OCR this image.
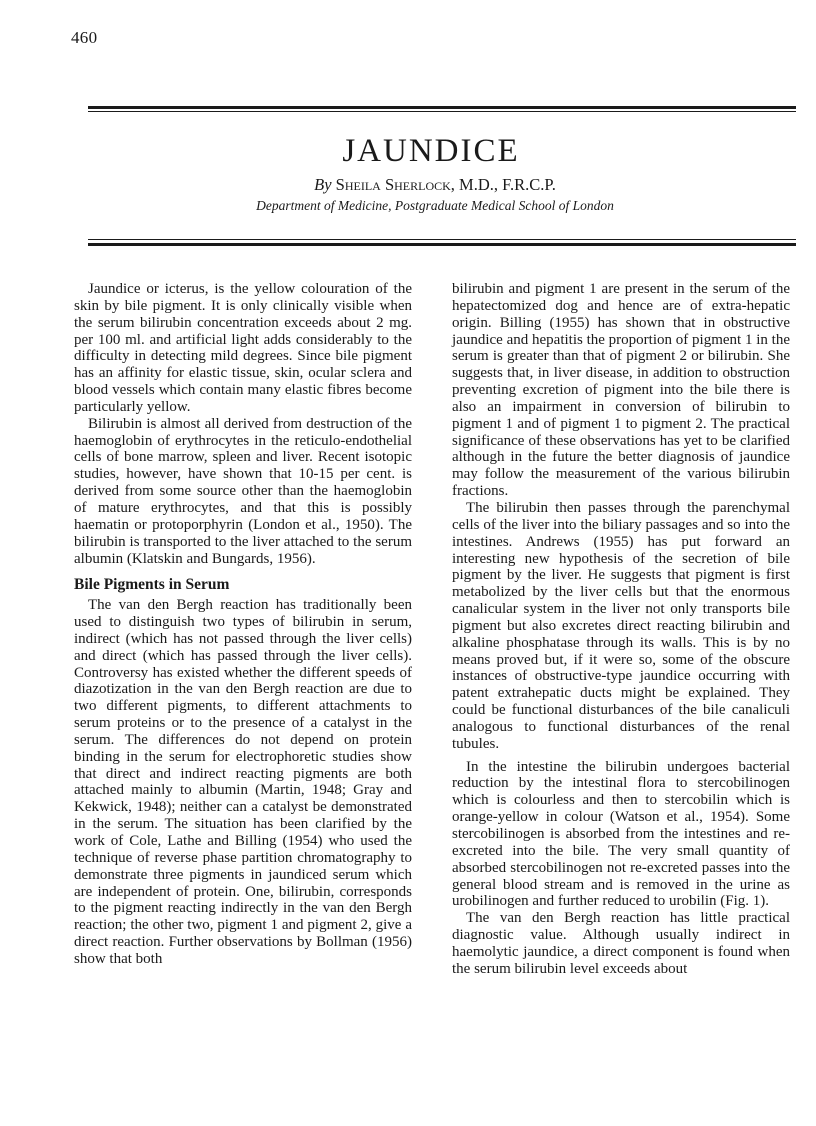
460
JAUNDICE
By Sheila Sherlock, M.D., F.R.C.P.
Department of Medicine, Postgraduate Medical School of London

Jaundice or icterus, is the yellow colouration of the skin by bile pigment. It is only clinically visible when the serum bilirubin concentration exceeds about 2 mg. per 100 ml. and artificial light adds considerably to the difficulty in detecting mild degrees. Since bile pigment has an affinity for elastic tissue, skin, ocular sclera and blood vessels which contain many elastic fibres become particularly yellow.

Bilirubin is almost all derived from destruction of the haemoglobin of erythrocytes in the reticulo-endothelial cells of bone marrow, spleen and liver. Recent isotopic studies, however, have shown that 10-15 per cent. is derived from some source other than the haemoglobin of mature erythrocytes, and that this is possibly haematin or protoporphyrin (London et al., 1950). The bilirubin is transported to the liver attached to the serum albumin (Klatskin and Bungards, 1956).

Bile Pigments in Serum

The van den Bergh reaction has traditionally been used to distinguish two types of bilirubin in serum, indirect (which has not passed through the liver cells) and direct (which has passed through the liver cells). Controversy has existed whether the different speeds of diazotization in the van den Bergh reaction are due to two different pigments, to different attachments to serum proteins or to the presence of a catalyst in the serum. The differences do not depend on protein binding in the serum for electrophoretic studies show that direct and indirect reacting pigments are both attached mainly to albumin (Martin, 1948; Gray and Kekwick, 1948); neither can a catalyst be demonstrated in the serum. The situation has been clarified by the work of Cole, Lathe and Billing (1954) who used the technique of reverse phase partition chromatography to demonstrate three pigments in jaundiced serum which are independent of protein. One, bilirubin, corresponds to the pigment reacting indirectly in the van den Bergh reaction; the other two, pigment 1 and pigment 2, give a direct reaction. Further observations by Bollman (1956) show that both

bilirubin and pigment 1 are present in the serum of the hepatectomized dog and hence are of extra-hepatic origin. Billing (1955) has shown that in obstructive jaundice and hepatitis the proportion of pigment 1 in the serum is greater than that of pigment 2 or bilirubin. She suggests that, in liver disease, in addition to obstruction preventing excretion of pigment into the bile there is also an impairment in conversion of bilirubin to pigment 1 and of pigment 1 to pigment 2. The practical significance of these observations has yet to be clarified although in the future the better diagnosis of jaundice may follow the measurement of the various bilirubin fractions.

The bilirubin then passes through the parenchymal cells of the liver into the biliary passages and so into the intestines. Andrews (1955) has put forward an interesting new hypothesis of the secretion of bile pigment by the liver. He suggests that pigment is first metabolized by the liver cells but that the enormous canalicular system in the liver not only transports bile pigment but also excretes direct reacting bilirubin and alkaline phosphatase through its walls. This is by no means proved but, if it were so, some of the obscure instances of obstructive-type jaundice occurring with patent extrahepatic ducts might be explained. They could be functional disturbances of the bile canaliculi analogous to functional disturbances of the renal tubules.

In the intestine the bilirubin undergoes bacterial reduction by the intestinal flora to stercobilinogen which is colourless and then to stercobilin which is orange-yellow in colour (Watson et al., 1954). Some stercobilinogen is absorbed from the intestines and re-excreted into the bile. The very small quantity of absorbed stercobilinogen not re-excreted passes into the general blood stream and is removed in the urine as urobilinogen and further reduced to urobilin (Fig. 1).

The van den Bergh reaction has little practical diagnostic value. Although usually indirect in haemolytic jaundice, a direct component is found when the serum bilirubin level exceeds about
